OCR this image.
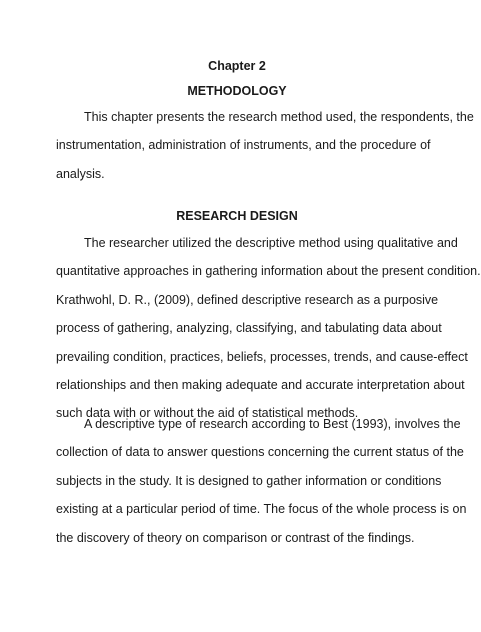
Chapter 2
METHODOLOGY
This chapter presents the research method used, the respondents, the
instrumentation, administration of instruments, and the procedure of
analysis.
RESEARCH DESIGN
The researcher utilized the descriptive method using qualitative and
quantitative approaches in gathering information about the present condition.
Krathwohl, D. R., (2009), defined descriptive research as a purposive
process of gathering, analyzing, classifying, and tabulating data about
prevailing condition, practices, beliefs, processes, trends, and cause-effect
relationships and then making adequate and accurate interpretation about
such data with or without the aid of statistical methods.
A descriptive type of research according to Best (1993), involves the
collection of data to answer questions concerning the current status of the
subjects in the study. It is designed to gather information or conditions
existing at a particular period of time. The focus of the whole process is on
the discovery of theory on comparison or contrast of the findings.
